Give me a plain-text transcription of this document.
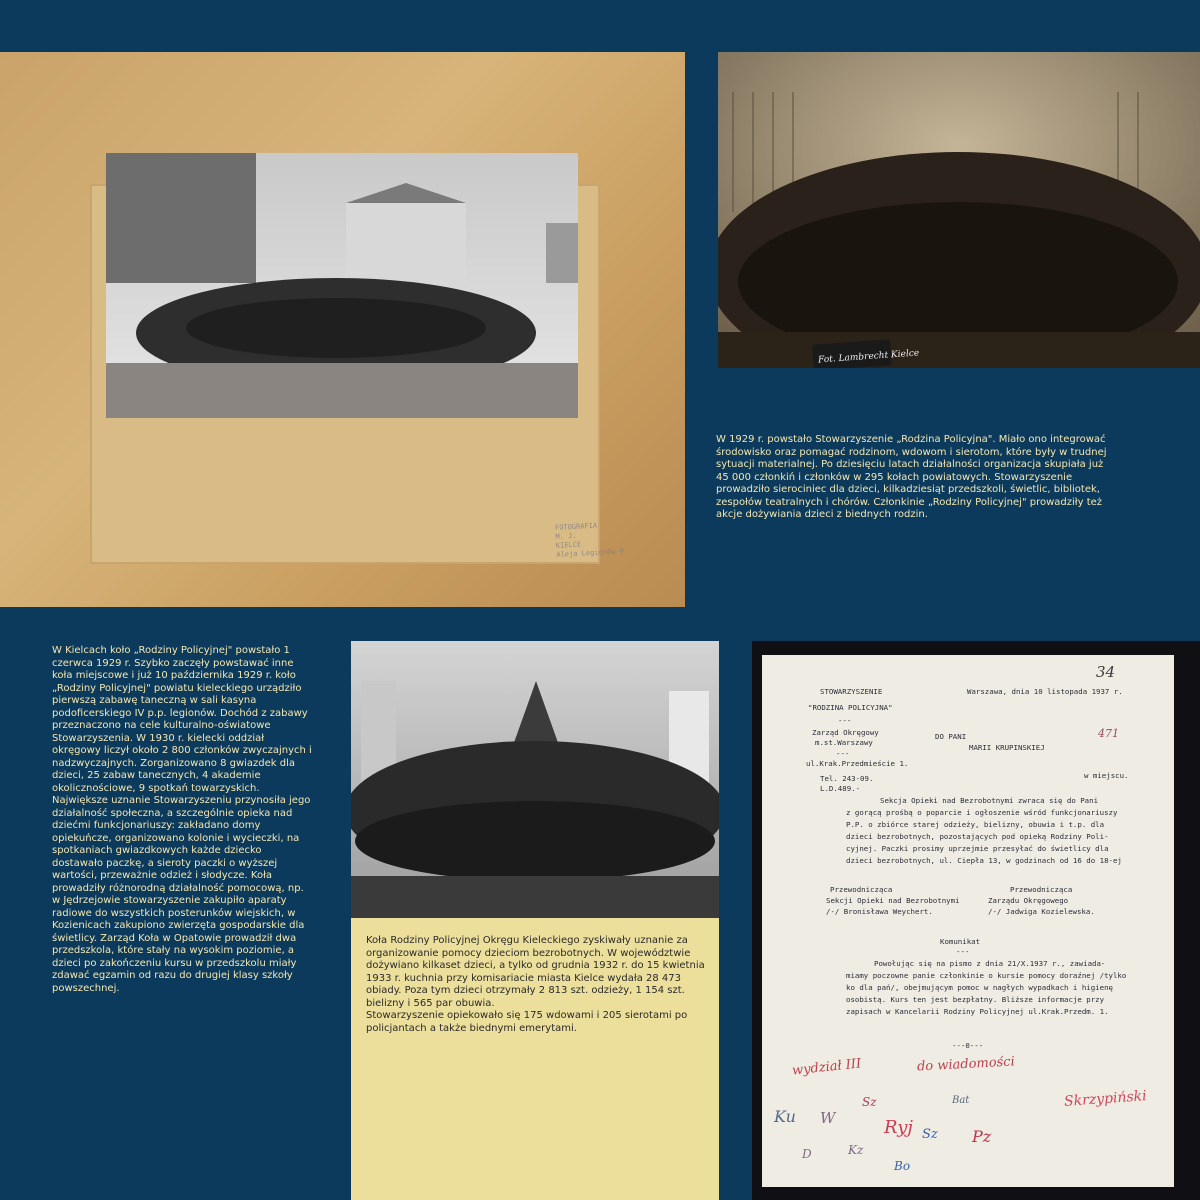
FOTOGRAFIA
M. J.
KIELCE
Aleja Legionów 9
Fot. Lambrecht Kielce
W 1929 r. powstało Stowarzyszenie „Rodzina Policyjna". Miało ono integrować środowisko oraz pomagać rodzinom, wdowom i sierotom, które były w trudnej sytuacji materialnej. Po dziesięciu latach działalności organizacja skupiała już 45 000 członkiń i członków w 295 kołach powiatowych. Stowarzyszenie prowadziło sierociniec dla dzieci, kilkadziesiąt przedszkoli, świetlic, bibliotek, zespołów teatralnych i chórów. Członkinie „Rodziny Policyjnej" prowadziły też akcje dożywiania dzieci z biednych rodzin.
W Kielcach koło „Rodziny Policyjnej" powstało 1 czerwca 1929 r. Szybko zaczęły powstawać inne koła miejscowe i już 10 października 1929 r. koło „Rodziny Policyjnej" powiatu kieleckiego urządziło pierwszą zabawę taneczną w sali kasyna podoficerskiego IV p.p. legionów. Dochód z zabawy przeznaczono na cele kulturalno-oświatowe Stowarzyszenia. W 1930 r. kielecki oddział okręgowy liczył około 2 800 członków zwyczajnych i nadzwyczajnych. Zorganizowano 8 gwiazdek dla dzieci, 25 zabaw tanecznych, 4 akademie okolicznościowe, 9 spotkań towarzyskich. Największe uznanie Stowarzyszeniu przynosiła jego działalność społeczna, a szczególnie opieka nad dziećmi funkcjonariuszy: zakładano domy opiekuńcze, organizowano kolonie i wycieczki, na spotkaniach gwiazdkowych każde dziecko dostawało paczkę, a sieroty paczki o wyższej wartości, przeważnie odzież i słodycze. Koła prowadziły różnorodną działalność pomocową, np. w Jędrzejowie stowarzyszenie zakupiło aparaty radiowe do wszystkich posterunków wiejskich, w Kozienicach zakupiono zwierzęta gospodarskie dla świetlicy. Zarząd Koła w Opatowie prowadził dwa przedszkola, które stały na wysokim poziomie, a dzieci po zakończeniu kursu w przedszkolu miały zdawać egzamin od razu do drugiej klasy szkoły powszechnej.

Koła Rodziny Policyjnej Okręgu Kieleckiego zyskiwały uznanie za organizowanie pomocy dzieciom bezrobotnych. W województwie dożywiano kilkaset dzieci, a tylko od grudnia 1932 r. do 15 kwietnia 1933 r. kuchnia przy komisariacie miasta Kielce wydała 28 473 obiady. Poza tym dzieci otrzymały 2 813 szt. odzieży, 1 154 szt. bielizny i 565 par obuwia.

Stowarzyszenie opiekowało się 175 wdowami i 205 sierotami po policjantach a także biednymi emerytami.

34
471
STOWARZYSZENIE
"RODZINA POLICYJNA"
---
Zarząd Okręgowy
m.st.Warszawy
---
ul.Krak.Przedmieście 1.
Tel. 243-09.
L.D.489.-
Warszawa, dnia 10 listopada 1937 r.
DO PANI
MARII KRUPINSKIEJ
w miejscu.
Sekcja Opieki nad Bezrobotnymi zwraca się do Pani
z gorącą prośbą o poparcie i ogłoszenie wśród funkcjonariuszy
P.P. o zbiórce starej odzieży, bielizny, obuwia i t.p. dla
dzieci bezrobotnych, pozostających pod opieką Rodziny Poli-
cyjnej. Paczki prosimy uprzejmie przesyłać do świetlicy dla
dzieci bezrobotnych, ul. Ciepła 13, w godzinach od 16 do 18-ej
Przewodnicząca
Sekcji Opieki nad Bezrobotnymi
/-/ Bronisława Weychert.
Przewodnicząca
Zarządu Okręgowego
/-/ Jadwiga Kozielewska.
Komunikat
---
Powołując się na pismo z dnia 21/X.1937 r., zawiada-
miamy poczowne panie członkinie o kursie pomocy doraźnej /tylko
ko dla pań/, obejmującym pomoc w nagłych wypadkach i higienę
osobistą. Kurs ten jest bezpłatny. Bliższe informacje przy
zapisach w Kancelarii Rodziny Policyjnej ul.Krak.Przedm. 1.
---0---
wydział III	do wiadomości
Skrzypiński
Ku W	Ryj
Bat
Sz
Sz Pz
Kz
D
Bo
